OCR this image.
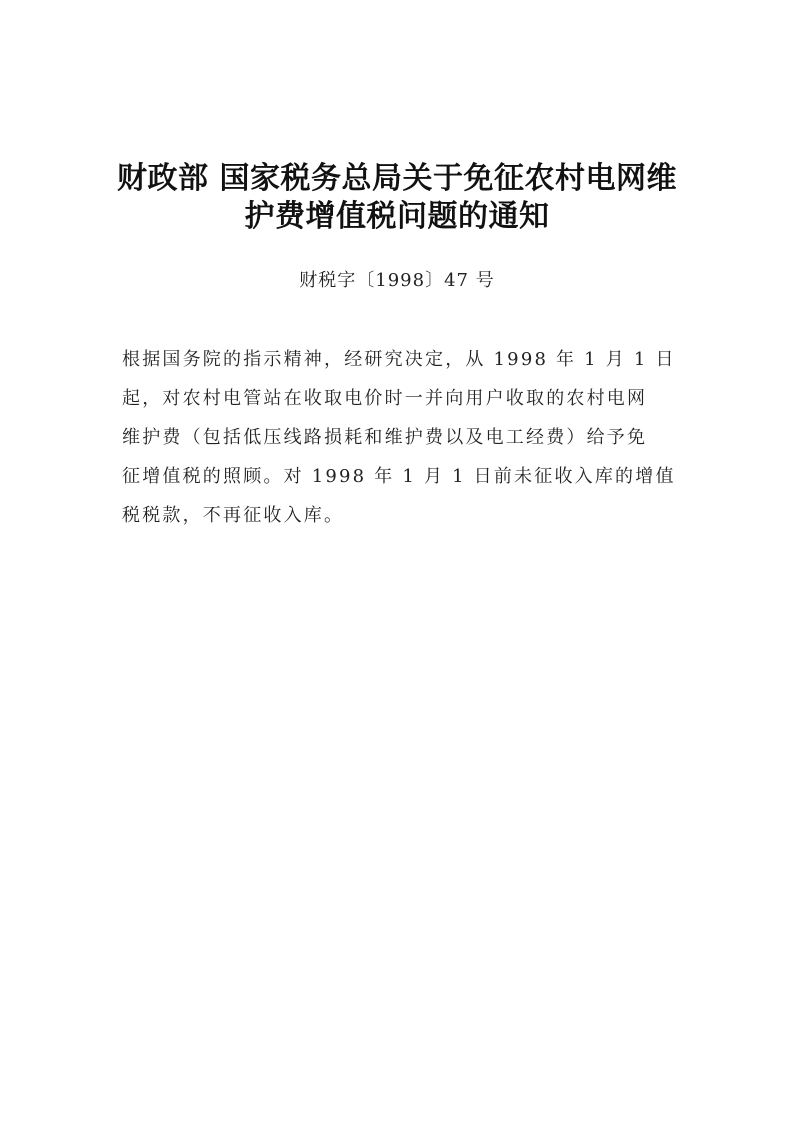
财政部 国家税务总局关于免征农村电网维
护费增值税问题的通知
财税字〔1998〕47 号
根据国务院的指示精神，经研究决定，从 1998 年 1 月 1 日
起，对农村电管站在收取电价时一并向用户收取的农村电网
维护费（包括低压线路损耗和维护费以及电工经费）给予免
征增值税的照顾。对 1998 年 1 月 1 日前未征收入库的增值
税税款，不再征收入库。
